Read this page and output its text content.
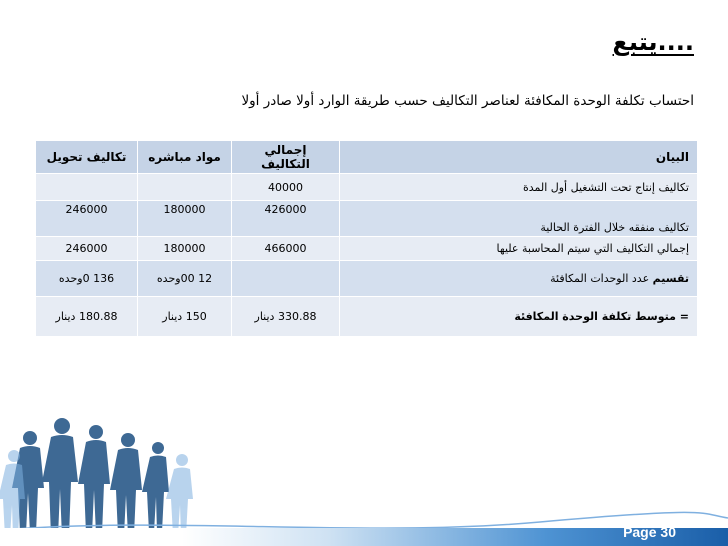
....يتبع
احتساب تكلفة الوحدة المكافئة لعناصر التكاليف حسب طريقة الوارد أولا صادر أولا
البيان	إجمالي التكاليف	مواد مباشره	تكاليف تحويل
تكاليف إنتاج تحت التشغيل أول المدة	40000		
تكاليف منفقه خلال الفترة الحالية	426000	180000	246000
إجمالي التكاليف التي سيتم المحاسبة عليها	466000	180000	246000
تقسيم عدد الوحدات المكافئة		12 00وحده	136 0وحده
= متوسط تكلفة الوحدة المكافئة	330.88 دينار	150 دينار	180.88 دينار
Page 30
